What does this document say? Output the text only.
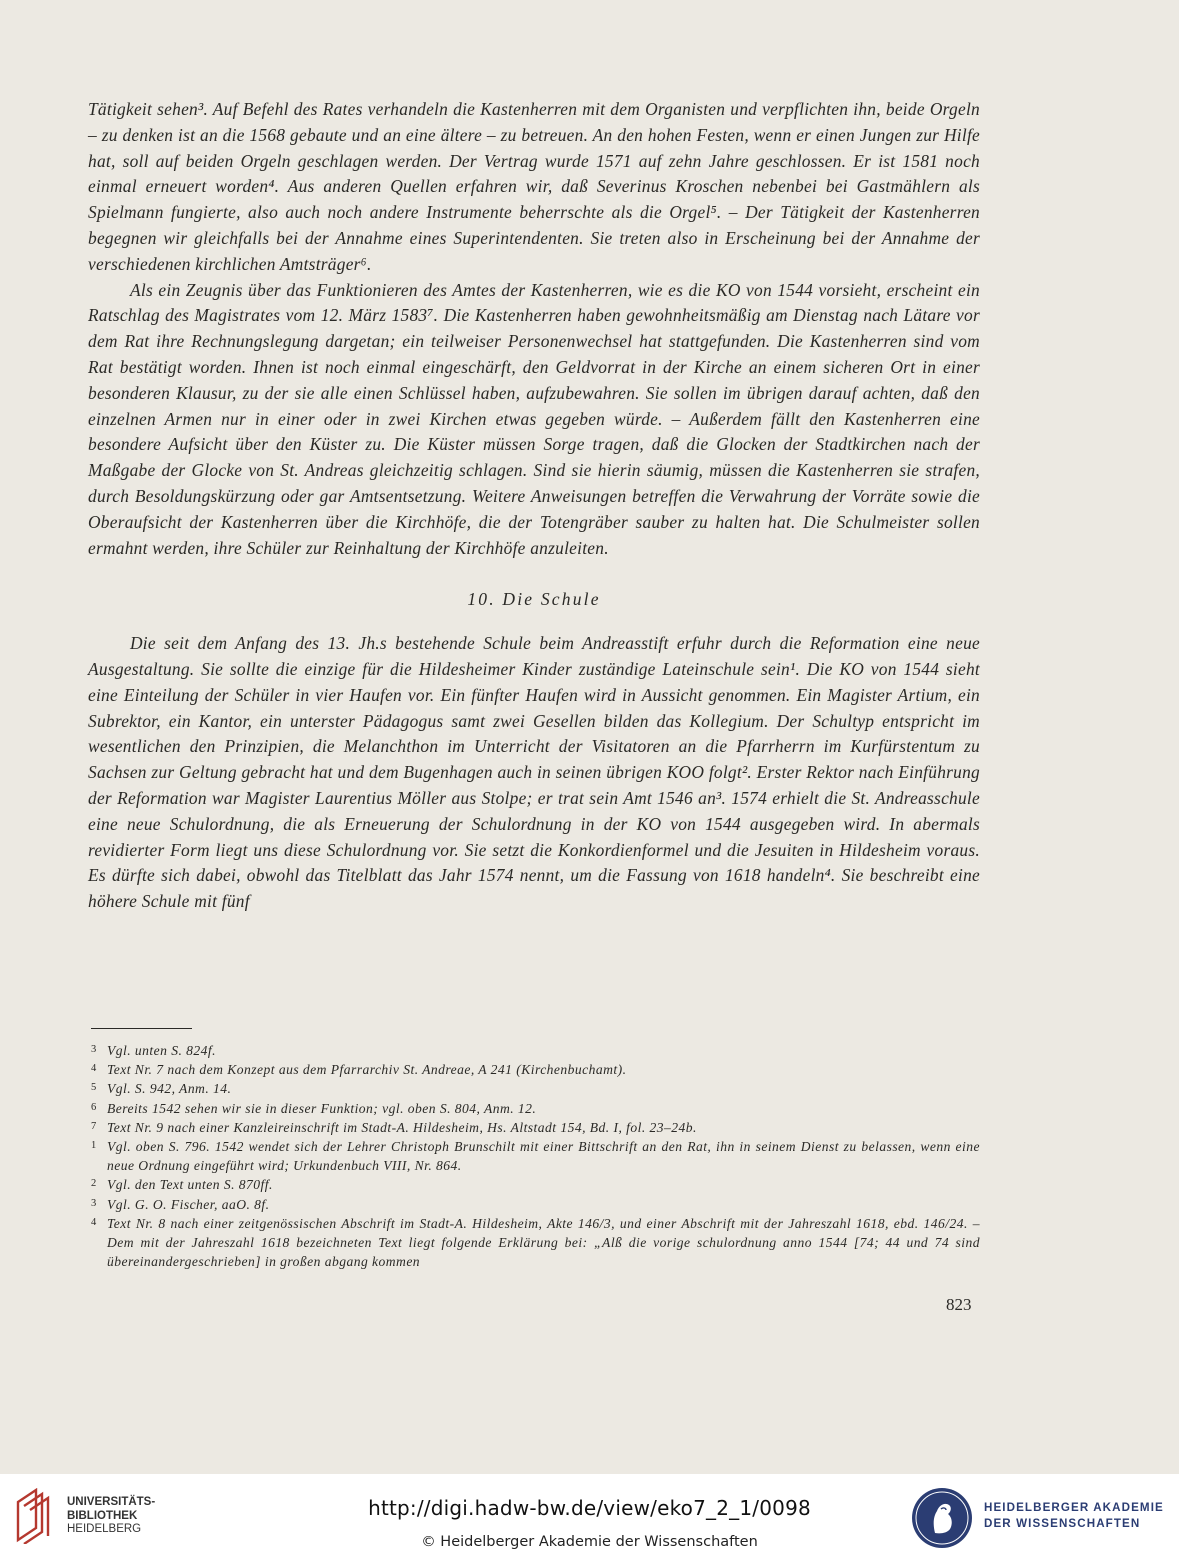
Tätigkeit sehen³. Auf Befehl des Rates verhandeln die Kastenherren mit dem Organisten und verpflichten ihn, beide Orgeln – zu denken ist an die 1568 gebaute und an eine ältere – zu betreuen. An den hohen Festen, wenn er einen Jungen zur Hilfe hat, soll auf beiden Orgeln geschlagen werden. Der Vertrag wurde 1571 auf zehn Jahre geschlossen. Er ist 1581 noch einmal erneuert worden⁴. Aus anderen Quellen erfahren wir, daß Severinus Kroschen nebenbei bei Gastmählern als Spielmann fungierte, also auch noch andere Instrumente beherrschte als die Orgel⁵. – Der Tätigkeit der Kastenherren begegnen wir gleichfalls bei der Annahme eines Superintendenten. Sie treten also in Erscheinung bei der Annahme der verschiedenen kirchlichen Amtsträger⁶.

Als ein Zeugnis über das Funktionieren des Amtes der Kastenherren, wie es die KO von 1544 vorsieht, erscheint ein Ratschlag des Magistrates vom 12. März 1583⁷. Die Kastenherren haben gewohnheitsmäßig am Dienstag nach Lätare vor dem Rat ihre Rechnungslegung dargetan; ein teilweiser Personenwechsel hat stattgefunden. Die Kastenherren sind vom Rat bestätigt worden. Ihnen ist noch einmal eingeschärft, den Geldvorrat in der Kirche an einem sicheren Ort in einer besonderen Klausur, zu der sie alle einen Schlüssel haben, aufzubewahren. Sie sollen im übrigen darauf achten, daß den einzelnen Armen nur in einer oder in zwei Kirchen etwas gegeben würde. – Außerdem fällt den Kastenherren eine besondere Aufsicht über den Küster zu. Die Küster müssen Sorge tragen, daß die Glocken der Stadtkirchen nach der Maßgabe der Glocke von St. Andreas gleichzeitig schlagen. Sind sie hierin säumig, müssen die Kastenherren sie strafen, durch Besoldungskürzung oder gar Amtsentsetzung. Weitere Anweisungen betreffen die Verwahrung der Vorräte sowie die Oberaufsicht der Kastenherren über die Kirchhöfe, die der Totengräber sauber zu halten hat. Die Schulmeister sollen ermahnt werden, ihre Schüler zur Reinhaltung der Kirchhöfe anzuleiten.

10. Die Schule

Die seit dem Anfang des 13. Jh.s bestehende Schule beim Andreasstift erfuhr durch die Reformation eine neue Ausgestaltung. Sie sollte die einzige für die Hildesheimer Kinder zuständige Lateinschule sein¹. Die KO von 1544 sieht eine Einteilung der Schüler in vier Haufen vor. Ein fünfter Haufen wird in Aussicht genommen. Ein Magister Artium, ein Subrektor, ein Kantor, ein unterster Pädagogus samt zwei Gesellen bilden das Kollegium. Der Schultyp entspricht im wesentlichen den Prinzipien, die Melanchthon im Unterricht der Visitatoren an die Pfarrherrn im Kurfürstentum zu Sachsen zur Geltung gebracht hat und dem Bugenhagen auch in seinen übrigen KOO folgt². Erster Rektor nach Einführung der Reformation war Magister Laurentius Möller aus Stolpe; er trat sein Amt 1546 an³. 1574 erhielt die St. Andreasschule eine neue Schulordnung, die als Erneuerung der Schulordnung in der KO von 1544 ausgegeben wird. In abermals revidierter Form liegt uns diese Schulordnung vor. Sie setzt die Konkordienformel und die Jesuiten in Hildesheim voraus. Es dürfte sich dabei, obwohl das Titelblatt das Jahr 1574 nennt, um die Fassung von 1618 handeln⁴. Sie beschreibt eine höhere Schule mit fünf

3 Vgl. unten S. 824f.
4 Text Nr. 7 nach dem Konzept aus dem Pfarrarchiv St. Andreae, A 241 (Kirchenbuchamt).
5 Vgl. S. 942, Anm. 14.
6 Bereits 1542 sehen wir sie in dieser Funktion; vgl. oben S. 804, Anm. 12.
7 Text Nr. 9 nach einer Kanzleireinschrift im Stadt-A. Hildesheim, Hs. Altstadt 154, Bd. I, fol. 23–24b.
1 Vgl. oben S. 796. 1542 wendet sich der Lehrer Christoph Brunschilt mit einer Bittschrift an den Rat, ihn in seinem Dienst zu belassen, wenn eine neue Ordnung eingeführt wird; Urkundenbuch VIII, Nr. 864.
2 Vgl. den Text unten S. 870ff.
3 Vgl. G. O. Fischer, aaO. 8f.
4 Text Nr. 8 nach einer zeitgenössischen Abschrift im Stadt-A. Hildesheim, Akte 146/3, und einer Abschrift mit der Jahreszahl 1618, ebd. 146/24. – Dem mit der Jahreszahl 1618 bezeichneten Text liegt folgende Erklärung bei: „Alß die vorige schulordnung anno 1544 [74; 44 und 74 sind übereinandergeschrieben] in großen abgang kommen
823
UNIVERSITÄTS-
BIBLIOTHEK
HEIDELBERG
http://digi.hadw-bw.de/view/eko7_2_1/0098
© Heidelberger Akademie der Wissenschaften
HEIDELBERGER AKADEMIE
DER WISSENSCHAFTEN
